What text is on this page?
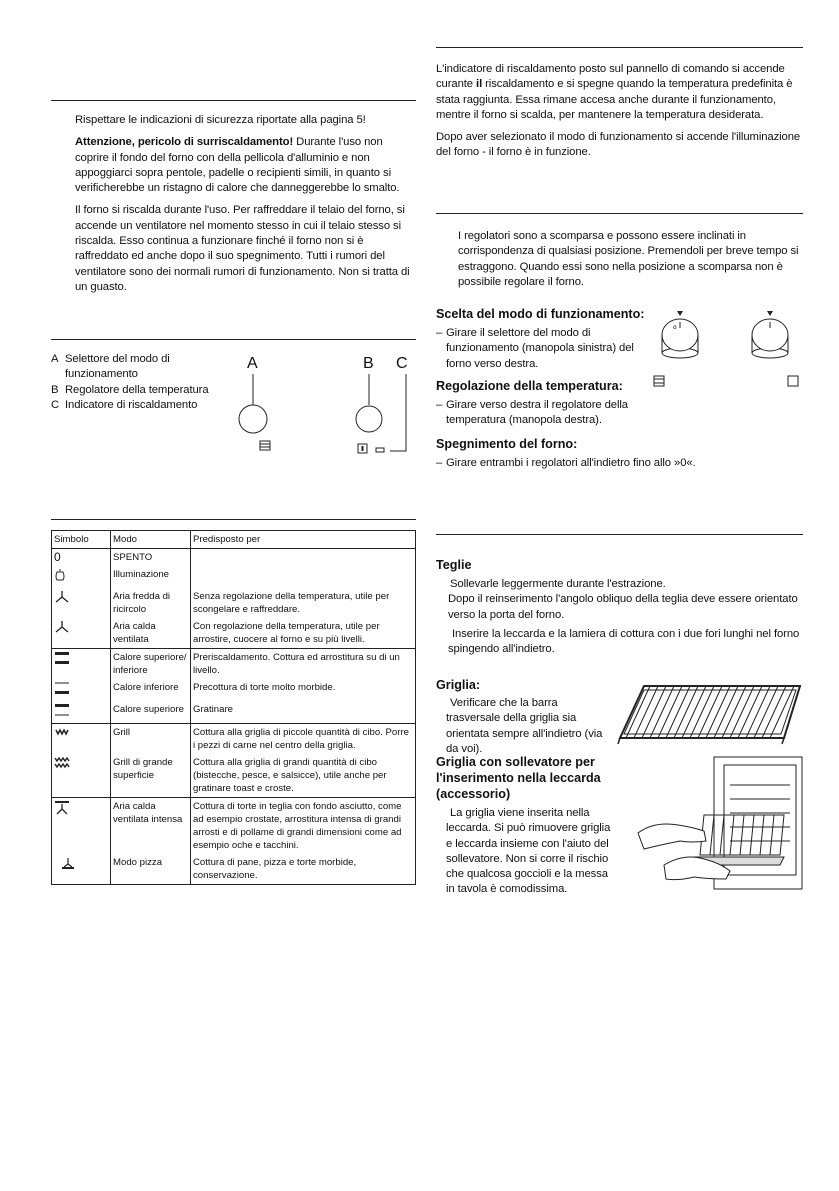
Rispettare le indicazioni di sicurezza riportate alla pagina 5!

Attenzione, pericolo di surriscaldamento! Durante l'uso non coprire il fondo del forno con della pellicola d'alluminio e non appoggiarci sopra pentole, padelle o recipienti simili, in quanto si verificherebbe un ristagno di calore che danneggerebbe lo smalto.

Il forno si riscalda durante l'uso. Per raffreddare il telaio del forno, si accende un ventilatore nel momento stesso in cui il telaio stesso si riscalda. Esso continua a funzionare finché il forno non si è raffreddato ed anche dopo il suo spegnimento. Tutti i rumori del ventilatore sono dei normali rumori di funzionamento. Non si tratta di un guasto.

A Selettore del modo di funzionamento
B Regolatore della temperatura
C Indicatore di riscaldamento
A	B C
Simbolo	Modo	Predisposto per
0	SPENTO	
	Illuminazione	
	Aria fredda di ricircolo	Senza regolazione della temperatura, utile per scongelare e raffreddare.
	Aria calda ventilata	Con regolazione della temperatura, utile per arrostire, cuocere al forno e su più livelli.
	Calore superiore/ inferiore	Preriscaldamento. Cottura ed arrostitura su di un livello.
	Calore inferiore	Precottura di torte molto morbide.
	Calore superiore	Gratinare
	Grill	Cottura alla griglia di piccole quantità di cibo. Porre i pezzi di carne nel centro della griglia.
	Grill di grande superficie	Cottura alla griglia di grandi quantità di cibo (bistecche, pesce, e salsicce), utile anche per gratinare toast e croste.
	Aria calda ventilata intensa	Cottura di torte in teglia con fondo asciutto, come ad esempio crostate, arrostitura intensa di grandi arrosti e di pollame di grandi dimensioni come ad esempio oche e tacchini.
	Modo pizza	Cottura di pane, pizza e torte morbide, conservazione.

L'indicatore di riscaldamento posto sul pannello di comando si accende curante il riscaldamento e si spegne quando la temperatura predefinita è stata raggiunta. Essa rimane accesa anche durante il funzionamento, mentre il forno si scalda, per mantenere la temperatura desiderata.

Dopo aver selezionato il modo di funzionamento si accende l'illuminazione del forno - il forno è in funzione.

I regolatori sono a scomparsa e possono essere inclinati in corrispondenza di qualsiasi posizione. Premendoli per breve tempo si estraggono. Quando essi sono nella posizione a scomparsa non è possibile regolare il forno.

Scelta del modo di funzionamento:

– Girare il selettore del modo di funzionamento (manopola sinistra) del forno verso destra.

Regolazione della temperatura:

– Girare verso destra il regolatore della temperatura (manopola destra).

Spegnimento del forno:

– Girare entrambi i regolatori all'indietro fino allo »0«.

o

Teglie

Sollevarle leggermente durante l'estrazione.

Dopo il reinserimento l'angolo obliquo della teglia deve essere orientato verso la porta del forno.

Inserire la leccarda e la lamiera di cottura con i due fori lunghi nel forno spingendo all'indietro.

Griglia:

Verificare che la barra trasversale della griglia sia orientata sempre all'indietro (via da voi).

Griglia con sollevatore per l'inserimento nella leccarda (accessorio)

La griglia viene inserita nella leccarda. Si può rimuovere griglia e leccarda insieme con l'aiuto del sollevatore. Non si corre il rischio che qualcosa goccioli e la messa in tavola è comodissima.
